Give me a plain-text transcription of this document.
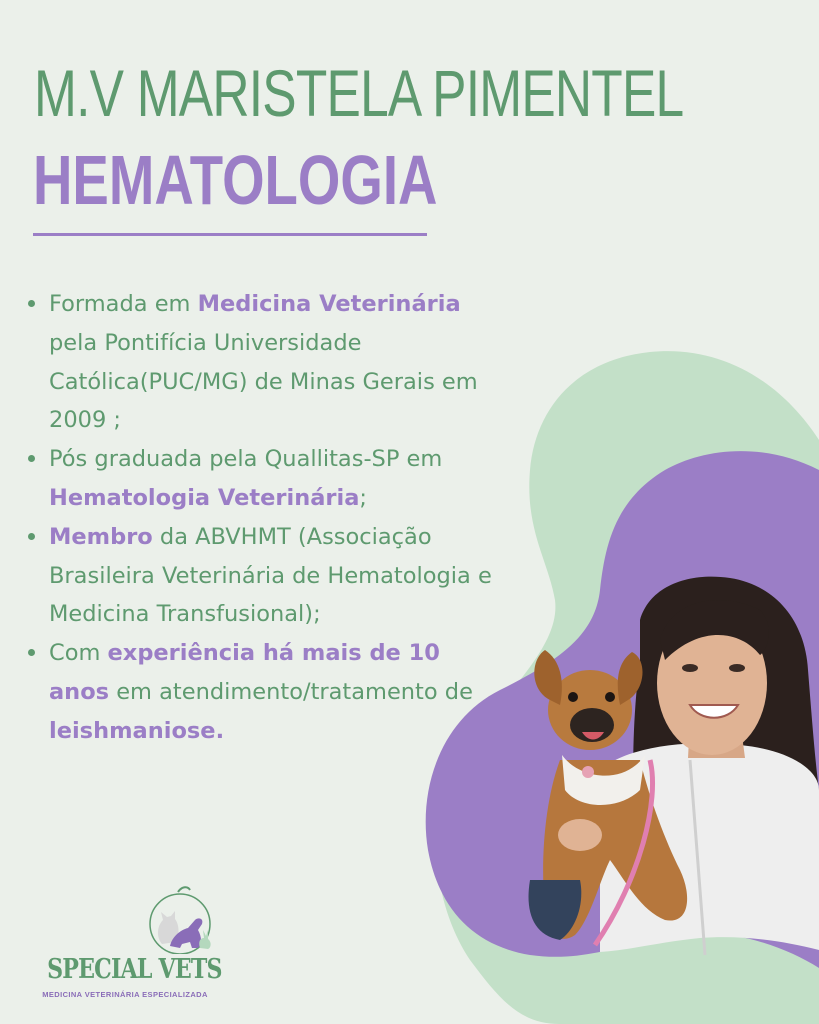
M.V MARISTELA PIMENTEL
HEMATOLOGIA
Formada em Medicina Veterinária pela Pontifícia Universidade Católica(PUC/MG) de Minas Gerais em 2009 ;
Pós graduada pela Quallitas-SP em Hematologia Veterinária;
Membro da ABVHMT (Associação Brasileira Veterinária de Hematologia e Medicina Transfusional);
Com experiência há mais de 10 anos em atendimento/tratamento de leishmaniose.
SPECIAL VETS
MEDICINA VETERINÁRIA ESPECIALIZADA
